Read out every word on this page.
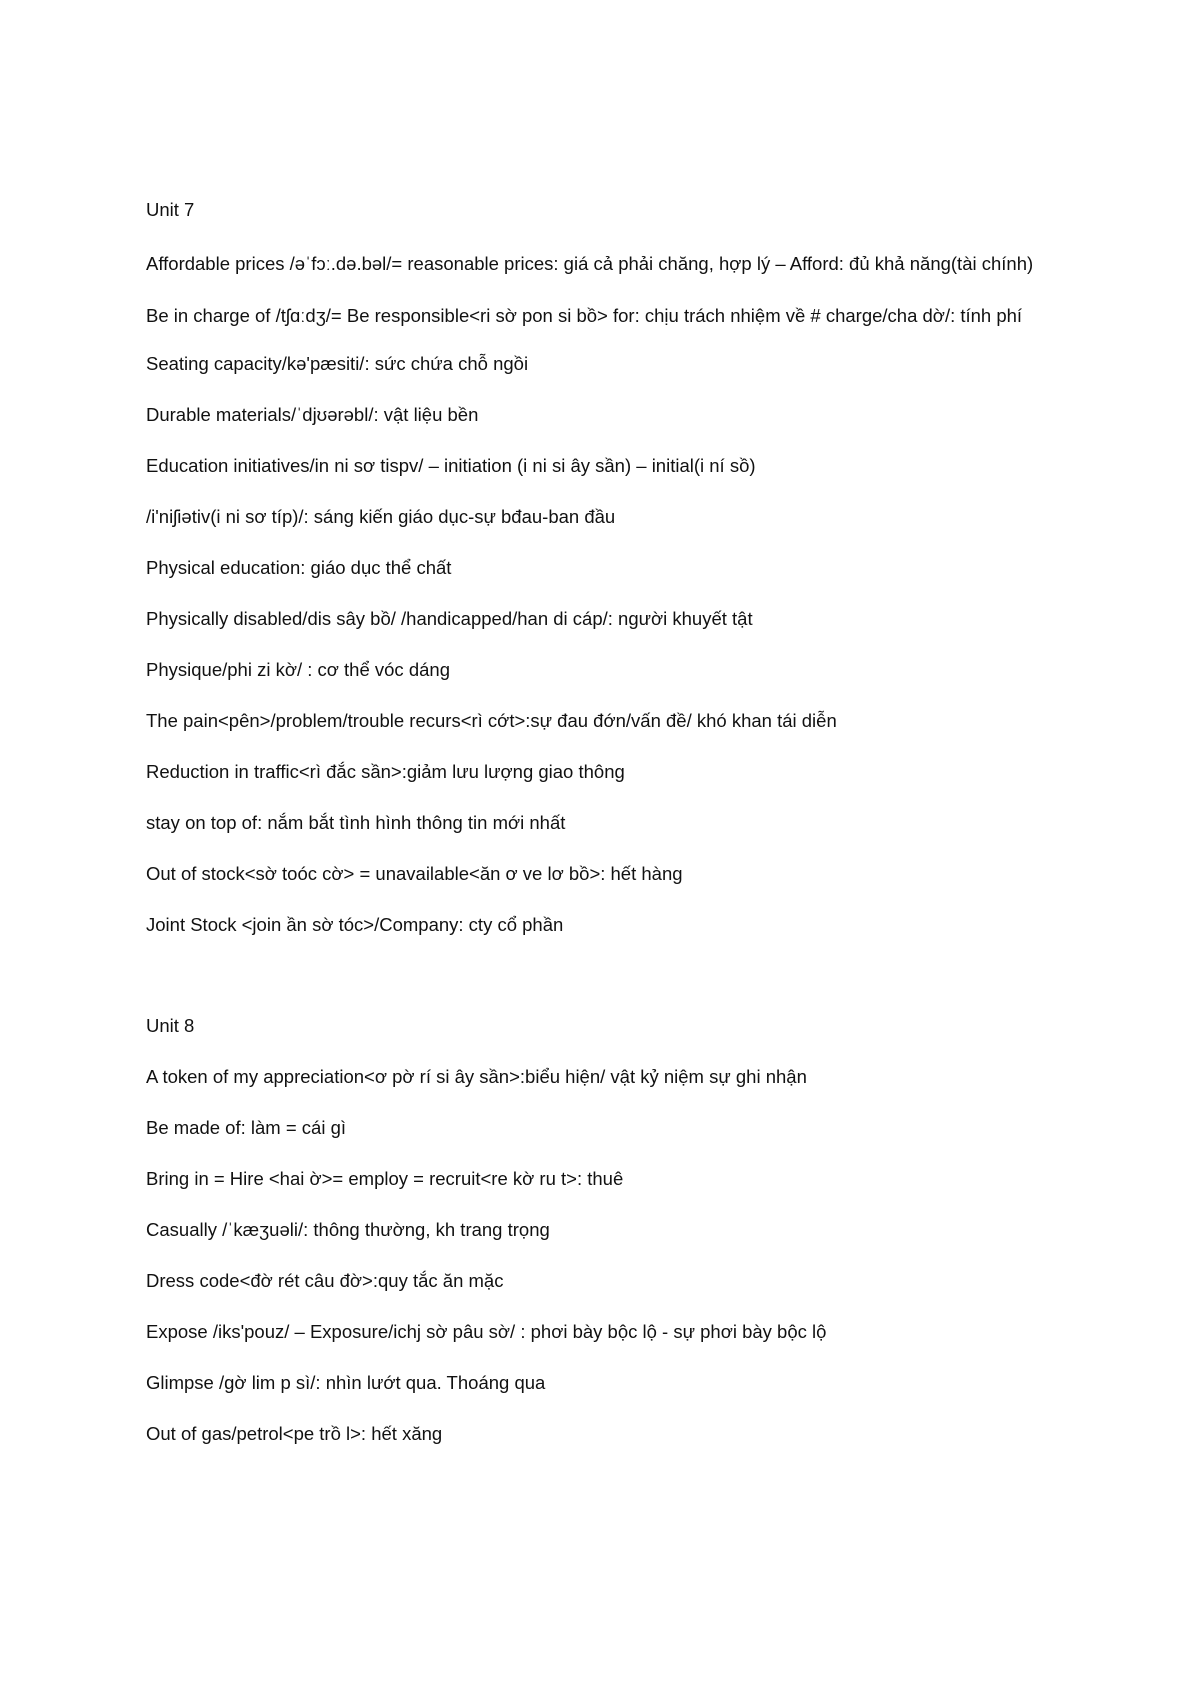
Unit 7
Affordable prices /əˈfɔː.də.bəl/= reasonable prices: giá cả phải chăng, hợp lý – Afford: đủ khả năng(tài chính)
Be in charge of /tʃɑːdʒ/= Be responsible<ri sờ pon si bồ> for: chịu trách nhiệm về # charge/cha dờ/: tính phí
Seating capacity/kə'pæsiti/: sức chứa chỗ ngồi
Durable materials/ˈdjʊərəbl/: vật liệu bền
Education initiatives/in ni sơ tispv/ – initiation (i ni si ây sần) – initial(i ní sồ)
/i'niʃiətiv(i ni sơ típ)/: sáng kiến giáo dục-sự bđau-ban đầu
Physical education: giáo dục thể chất
Physically disabled/dis sây bồ/ /handicapped/han di cáp/: người khuyết tật
Physique/phi zi kờ/ : cơ thể vóc dáng
The pain<pên>/problem/trouble recurs<rì cớt>:sự đau đớn/vấn đề/ khó khan tái diễn
Reduction in traffic<rì đắc sần>:giảm lưu lượng giao thông
stay on top of: nắm bắt tình hình thông tin mới nhất
Out of stock<sờ toóc cờ> = unavailable<ăn ơ ve lơ bồ>: hết hàng
Joint Stock <join ần sờ tóc>/Company: cty cổ phần
Unit 8
A token of my appreciation<ơ pờ rí si ây sần>:biểu hiện/ vật kỷ niệm sự ghi nhận
Be made of: làm = cái gì
Bring in = Hire <hai ờ>= employ = recruit<re kờ ru t>: thuê
Casually /ˈkæʒuəli/: thông thường, kh trang trọng
Dress code<đờ rét câu đờ>:quy tắc ăn mặc
Expose /iks'pouz/ – Exposure/ichj sờ pâu sờ/ : phơi bày bộc lộ - sự phơi bày bộc lộ
Glimpse /gờ lim p sì/: nhìn lướt qua. Thoáng qua
Out of gas/petrol<pe trồ l>: hết xăng
